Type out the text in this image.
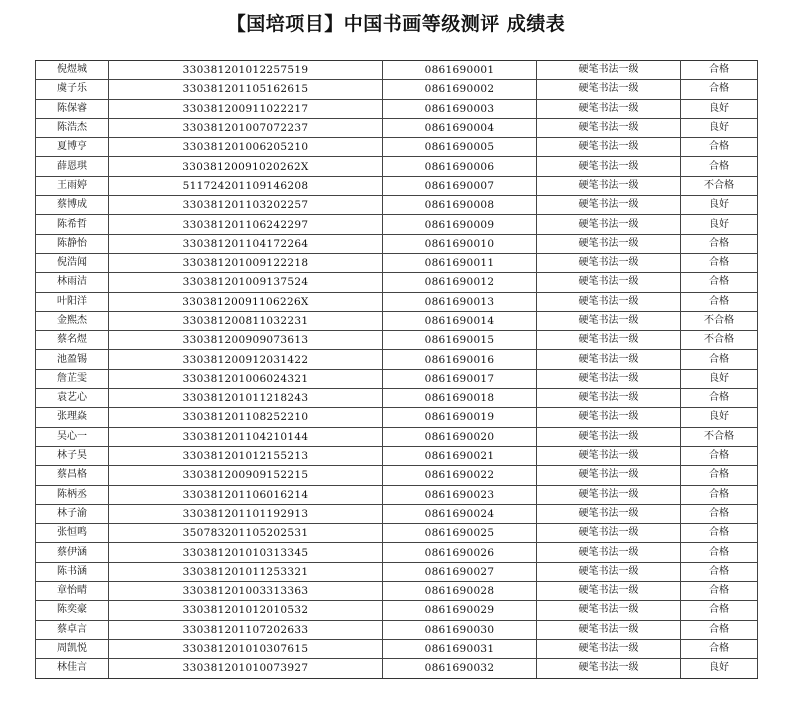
【国培项目】中国书画等级测评 成绩表
倪煜城	330381201012257519	0861690001	硬笔书法一级	合格
虞子乐	330381201105162615	0861690002	硬笔书法一级	合格
陈保睿	330381200911022217	0861690003	硬笔书法一级	良好
陈浩杰	330381201007072237	0861690004	硬笔书法一级	良好
夏博亨	330381201006205210	0861690005	硬笔书法一级	合格
薛恩琪	33038120091020262X	0861690006	硬笔书法一级	合格
王雨婷	511724201109146208	0861690007	硬笔书法一级	不合格
蔡博成	330381201103202257	0861690008	硬笔书法一级	良好
陈希哲	330381201106242297	0861690009	硬笔书法一级	良好
陈静怡	330381201104172264	0861690010	硬笔书法一级	合格
倪浩闻	330381201009122218	0861690011	硬笔书法一级	合格
林雨洁	330381201009137524	0861690012	硬笔书法一级	合格
叶阳洋	33038120091106226X	0861690013	硬笔书法一级	合格
金熙杰	330381200811032231	0861690014	硬笔书法一级	不合格
蔡名煜	330381200909073613	0861690015	硬笔书法一级	不合格
池盈锡	330381200912031422	0861690016	硬笔书法一级	合格
詹芷雯	330381201006024321	0861690017	硬笔书法一级	良好
袁艺心	330381201011218243	0861690018	硬笔书法一级	合格
张理焱	330381201108252210	0861690019	硬笔书法一级	良好
吴心一	330381201104210144	0861690020	硬笔书法一级	不合格
林子昊	330381201012155213	0861690021	硬笔书法一级	合格
蔡昌格	330381200909152215	0861690022	硬笔书法一级	合格
陈柄丞	330381201106016214	0861690023	硬笔书法一级	合格
林子渝	330381201101192913	0861690024	硬笔书法一级	合格
张恒鸣	350783201105202531	0861690025	硬笔书法一级	合格
蔡伊涵	330381201010313345	0861690026	硬笔书法一级	合格
陈书涵	330381201011253321	0861690027	硬笔书法一级	合格
章怡晴	330381201003313363	0861690028	硬笔书法一级	合格
陈奕豪	330381201012010532	0861690029	硬笔书法一级	合格
蔡卓言	330381201107202633	0861690030	硬笔书法一级	合格
周凯悦	330381201010307615	0861690031	硬笔书法一级	合格
林佳言	330381201010073927	0861690032	硬笔书法一级	良好
